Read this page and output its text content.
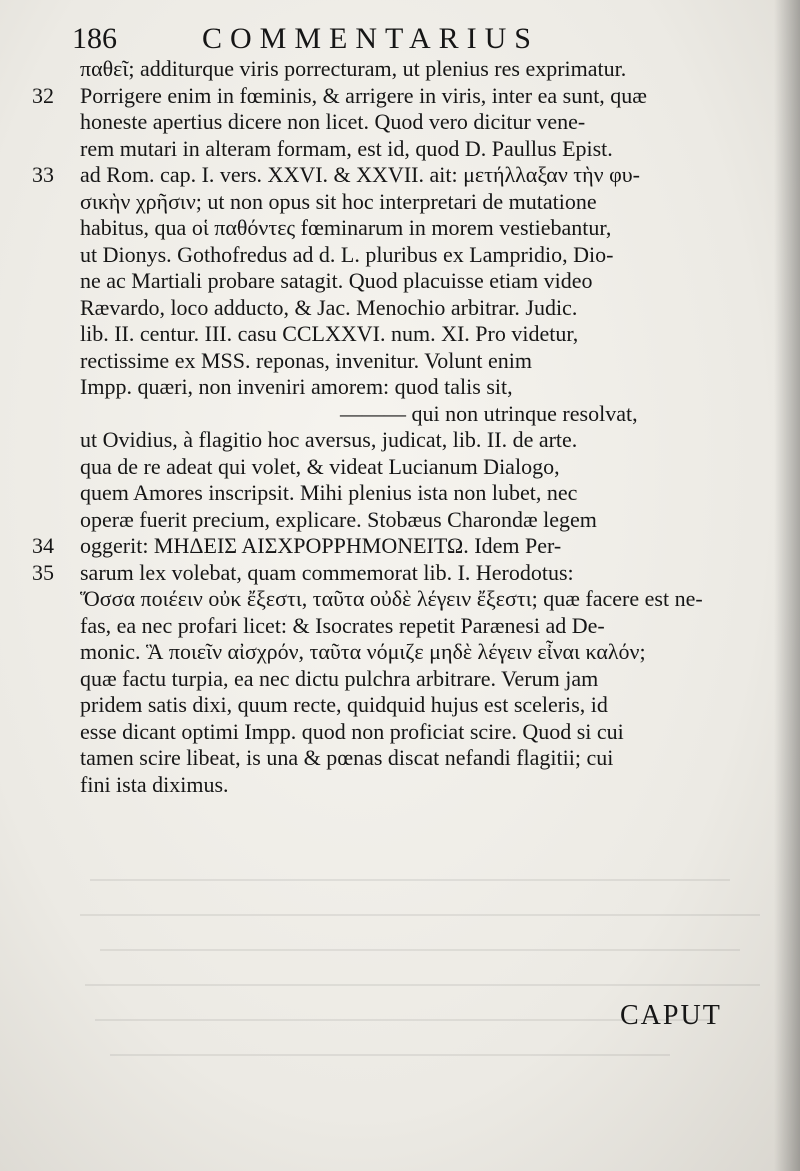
186	COMMENTARIUS
παθεῖ; additurque viris porrecturam, ut plenius res exprimatur.
32 Porrigere enim in fœminis, & arrigere in viris, inter ea sunt, quæ
honeste apertius dicere non licet. Quod vero dicitur vene-
rem mutari in alteram formam, est id, quod D. Paullus Epist.
33 ad Rom. cap. I. vers. XXVI. & XXVII. ait: μετήλλαξαν τὴν φυ-
σικὴν χρῆσιν; ut non opus sit hoc interpretari de mutatione
habitus, qua οἱ παθόντες fœminarum in morem vestiebantur,
ut Dionys. Gothofredus ad d. L. pluribus ex Lampridio, Dio-
ne ac Martiali probare satagit. Quod placuisse etiam video
Rævardo, loco adducto, & Jac. Menochio arbitrar. Judic.
lib. II. centur. III. casu CCLXXVI. num. XI. Pro videtur,
rectissime ex MSS. reponas, invenitur. Volunt enim
Impp. quæri, non inveniri amorem: quod talis sit,
——— qui non utrinque resolvat,
ut Ovidius, à flagitio hoc aversus, judicat, lib. II. de arte.
qua de re adeat qui volet, & videat Lucianum Dialogo,
quem Amores inscripsit. Mihi plenius ista non lubet, nec
operæ fuerit precium, explicare. Stobæus Charondæ legem
34 oggerit: ΜΗΔΕΙΣ ΑΙΣΧΡΟΡΡΗΜΟΝΕΙΤΩ. Idem Per-
35 sarum lex volebat, quam commemorat lib. I. Herodotus:
Ὅσσα ποιέειν οὐκ ἔξεστι, ταῦτα οὐδὲ λέγειν ἔξεστι; quæ facere est ne-
fas, ea nec profari licet: & Isocrates repetit Parænesi ad De-
monic. Ἃ ποιεῖν αἰσχρόν, ταῦτα νόμιζε μηδὲ λέγειν εἶναι καλόν;
quæ factu turpia, ea nec dictu pulchra arbitrare. Verum jam
pridem satis dixi, quum recte, quidquid hujus est sceleris, id
esse dicant optimi Impp. quod non proficiat scire. Quod si cui
tamen scire libeat, is una & pœnas discat nefandi flagitii; cui
fini ista diximus.
CAPUT
